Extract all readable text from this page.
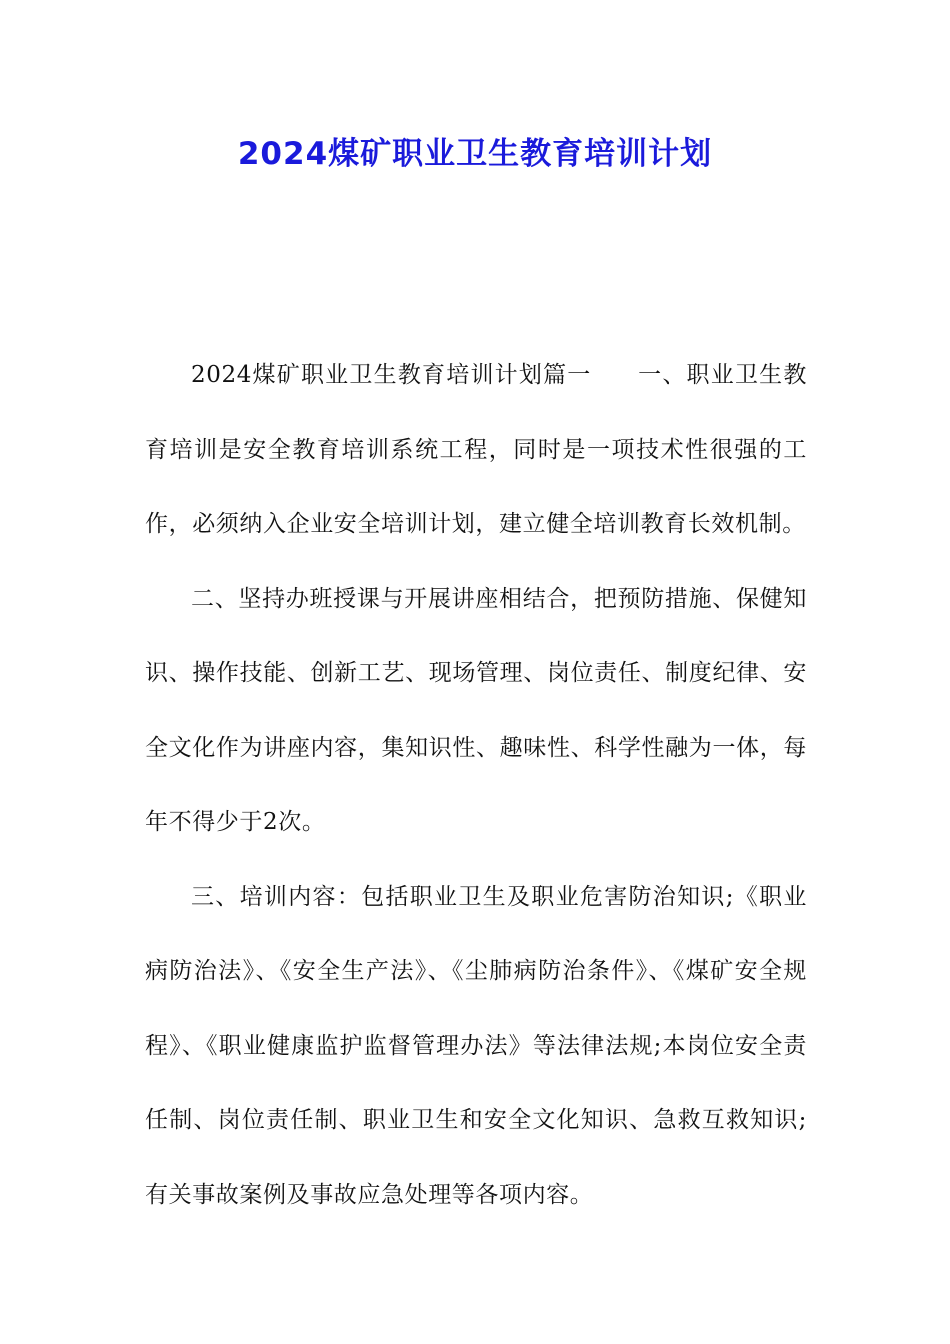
2024煤矿职业卫生教育培训计划

2024煤矿职业卫生教育培训计划篇一 一、职业卫生教育培训是安全教育培训系统工程，同时是一项技术性很强的工作，必须纳入企业安全培训计划，建立健全培训教育长效机制。

二、坚持办班授课与开展讲座相结合，把预防措施、保健知识、操作技能、创新工艺、现场管理、岗位责任、制度纪律、安全文化作为讲座内容，集知识性、趣味性、科学性融为一体，每年不得少于2次。

三、培训内容：包括职业卫生及职业危害防治知识;《职业病防治法》、《安全生产法》、《尘肺病防治条件》、《煤矿安全规程》、《职业健康监护监督管理办法》等法律法规;本岗位安全责任制、岗位责任制、职业卫生和安全文化知识、急救互救知识;有关事故案例及事故应急处理等各项内容。
